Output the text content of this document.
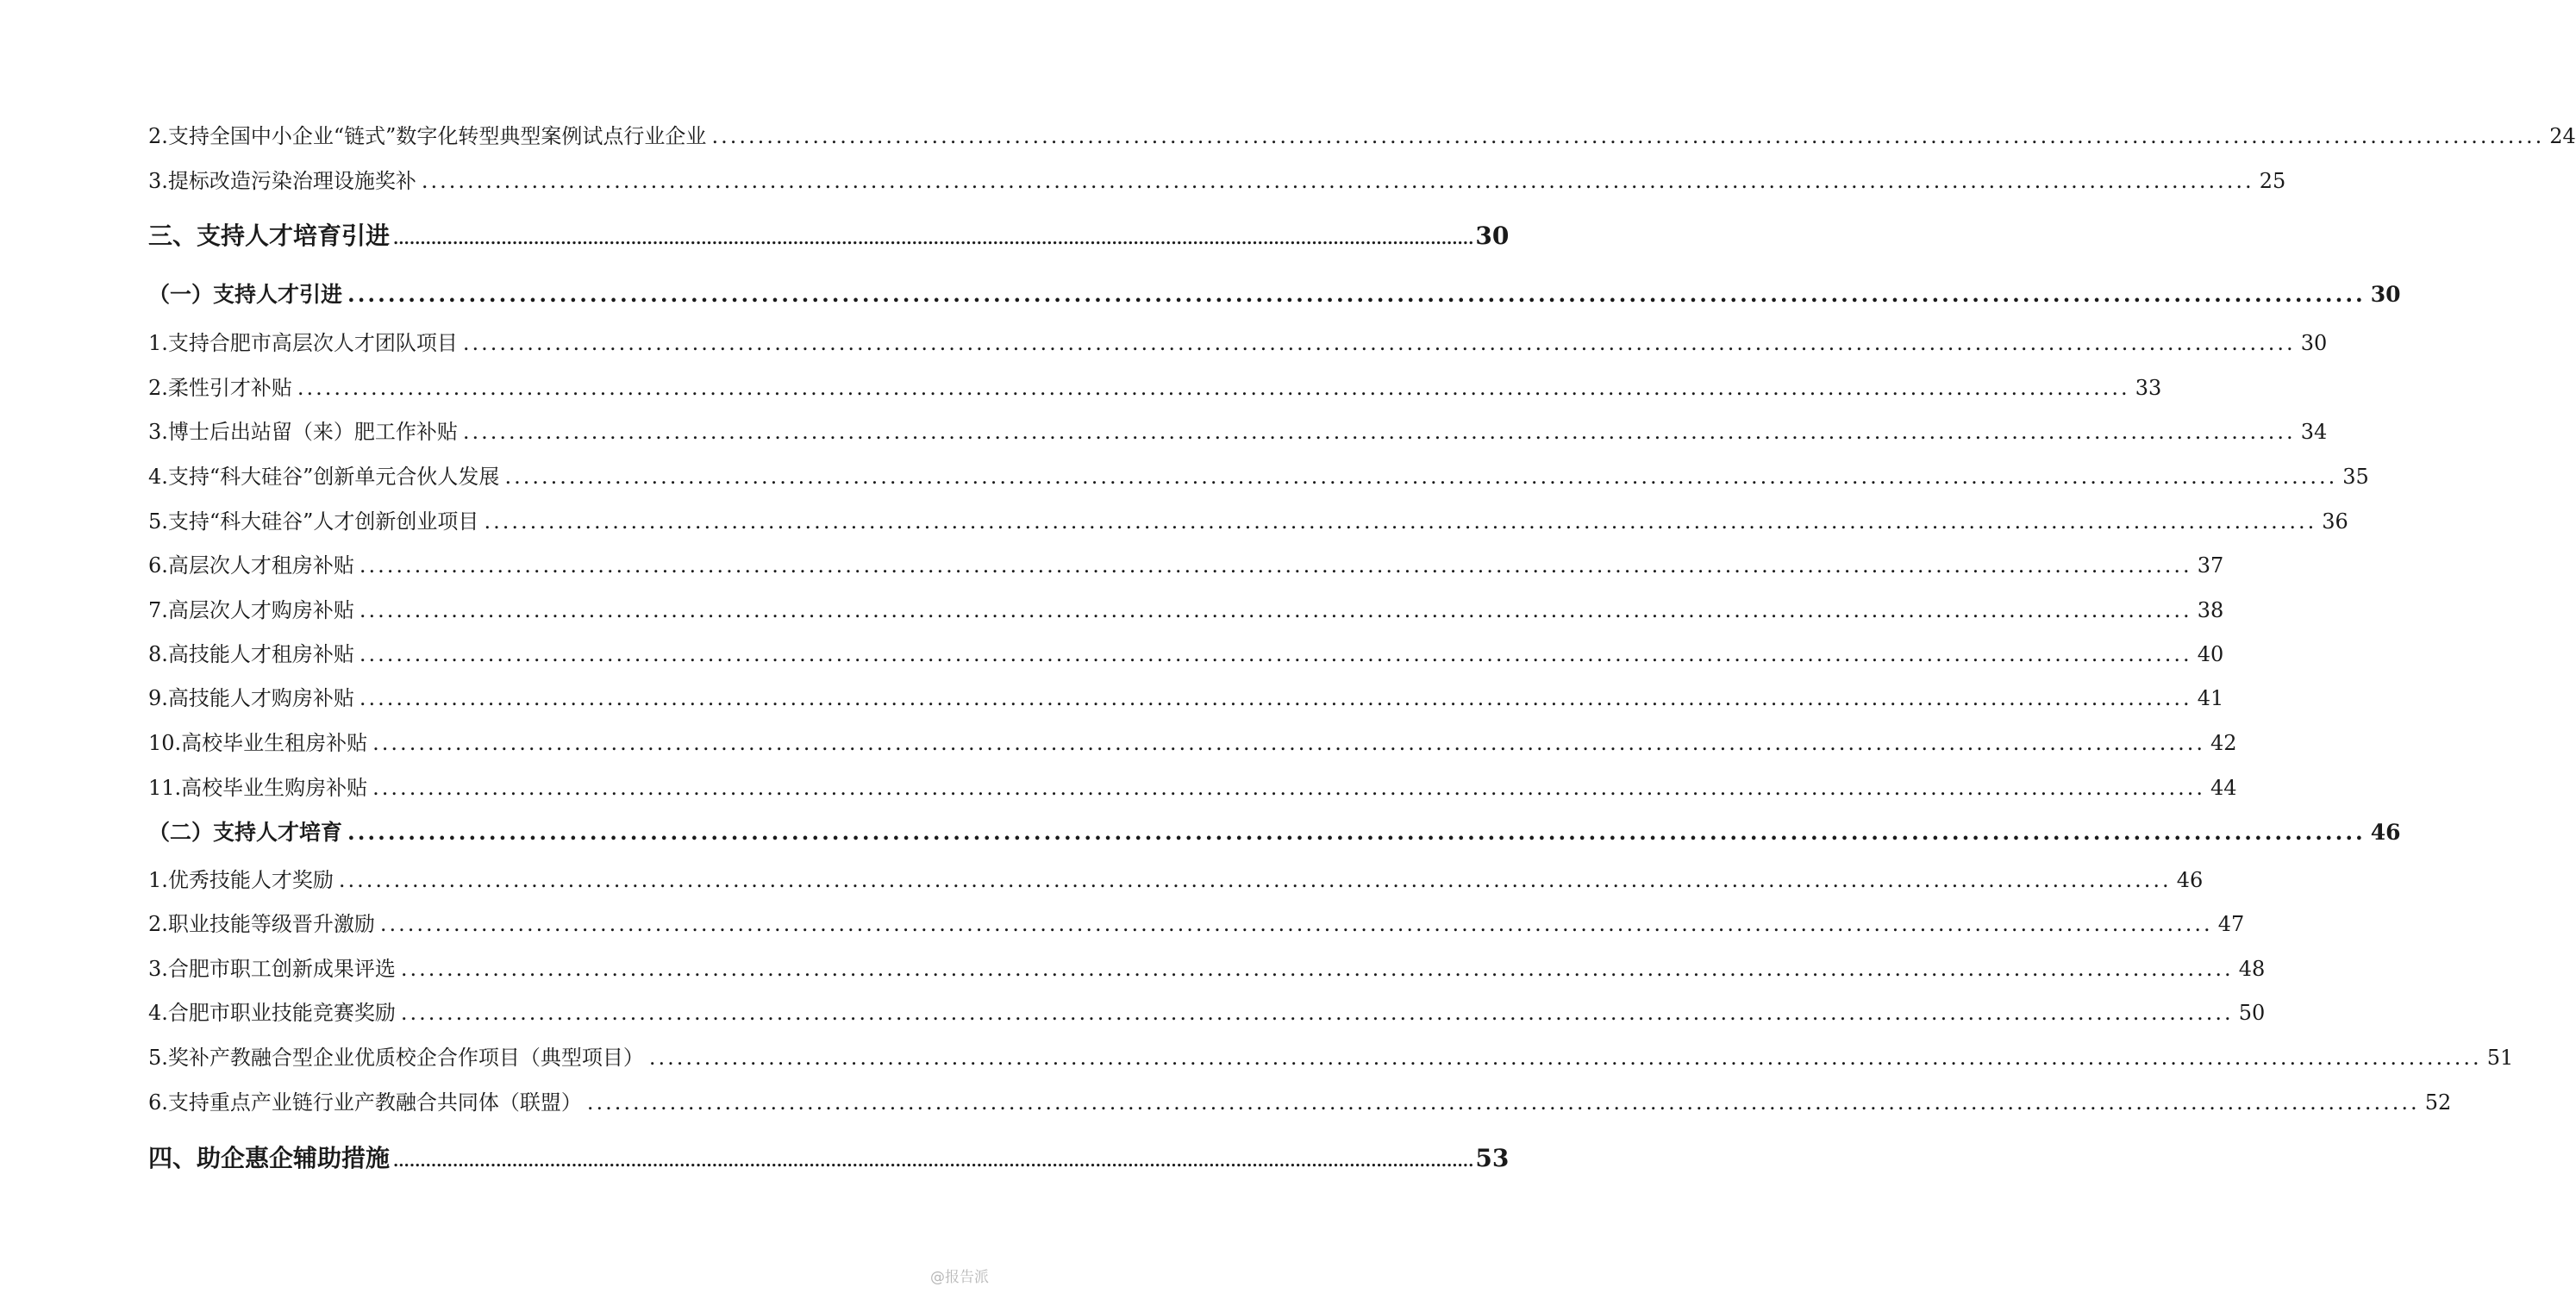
2.支持全国中小企业“链式”数字化转型典型案例试点行业企业 ........................................................................................................................................................................................................ 24
3.提标改造污染治理设施奖补 ........................................................................................................................................................................................................ 25
三、支持人才培育引进 ........................................................................................................................................................................................................ 30
（一）支持人才引进 ........................................................................................................................................................................................................ 30
1.支持合肥市高层次人才团队项目 ........................................................................................................................................................................................................ 30
2.柔性引才补贴 ........................................................................................................................................................................................................ 33
3.博士后出站留（来）肥工作补贴 ........................................................................................................................................................................................................ 34
4.支持“科大硅谷”创新单元合伙人发展 ........................................................................................................................................................................................................ 35
5.支持“科大硅谷”人才创新创业项目 ........................................................................................................................................................................................................ 36
6.高层次人才租房补贴 ........................................................................................................................................................................................................ 37
7.高层次人才购房补贴 ........................................................................................................................................................................................................ 38
8.高技能人才租房补贴 ........................................................................................................................................................................................................ 40
9.高技能人才购房补贴 ........................................................................................................................................................................................................ 41
10.高校毕业生租房补贴 ........................................................................................................................................................................................................ 42
11.高校毕业生购房补贴 ........................................................................................................................................................................................................ 44
（二）支持人才培育 ........................................................................................................................................................................................................ 46
1.优秀技能人才奖励 ........................................................................................................................................................................................................ 46
2.职业技能等级晋升激励 ........................................................................................................................................................................................................ 47
3.合肥市职工创新成果评选 ........................................................................................................................................................................................................ 48
4.合肥市职业技能竞赛奖励 ........................................................................................................................................................................................................ 50
5.奖补产教融合型企业优质校企合作项目（典型项目） ........................................................................................................................................................................................................ 51
6.支持重点产业链行业产教融合共同体（联盟） ........................................................................................................................................................................................................ 52
四、助企惠企辅助措施 ........................................................................................................................................................................................................ 53
@报告派
